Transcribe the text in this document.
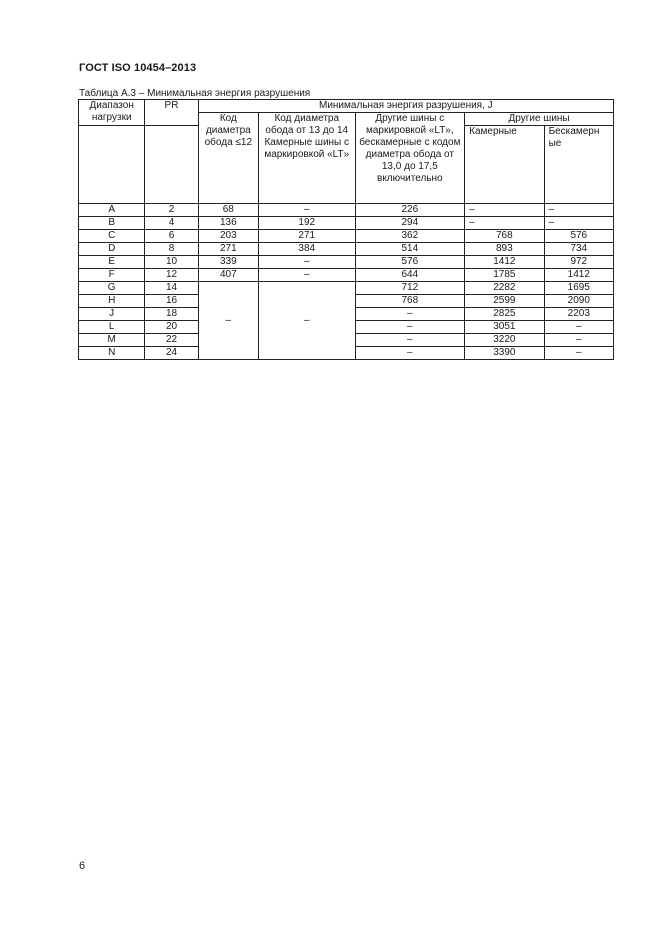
ГОСТ ISO 10454–2013
Таблица А.3 – Минимальная энергия разрушения
Диапазон нагрузки	PR	Минимальная энергия разрушения, J				
		Код диаметра обода ≤12	Код диаметра обода от 13 до 14 Камерные шины с маркировкой «LT»	Другие шины с маркировкой «LT», бескамерные с кодом диаметра обода от 13,0 до 17,5 включительно	Другие шины	
					Камерные	Бескамерн ые
A	2	68	–	226	–	–
B	4	136	192	294	–	–
C	6	203	271	362	768	576
D	8	271	384	514	893	734
E	10	339	–	576	1412	972
F	12	407	–	644	1785	1412
G	14	–	–	712	2282	1695
H	16			768	2599	2090
J	18			–	2825	2203
L	20			–	3051	–
M	22			–	3220	–
N	24			–	3390	–
6
